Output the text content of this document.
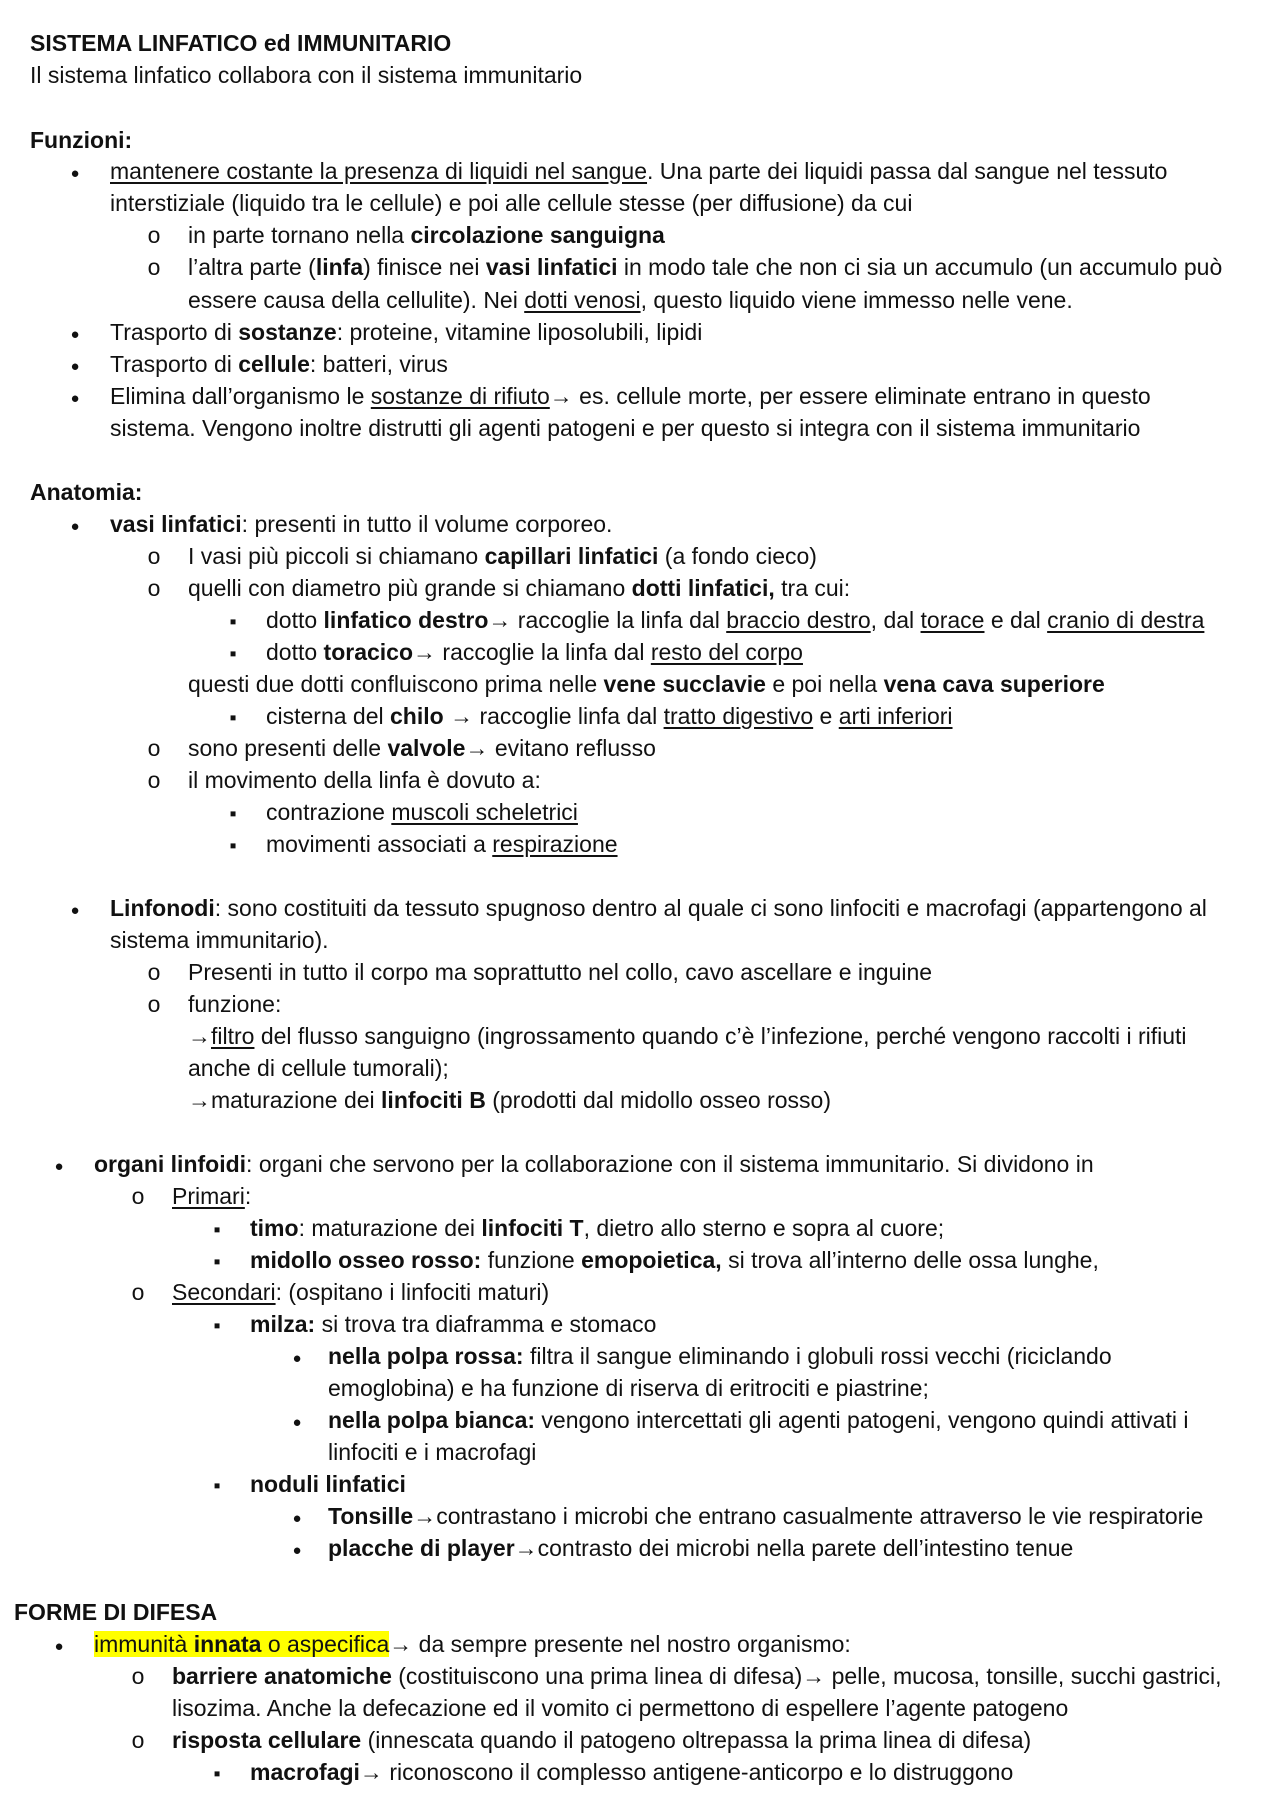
SISTEMA LINFATICO ed IMMUNITARIO
Il sistema linfatico collabora con il sistema immunitario
Funzioni:
●
mantenere costante la presenza di liquidi nel sangue. Una parte dei liquidi passa dal sangue nel tessuto
interstiziale (liquido tra le cellule) e poi alle cellule stesse (per diffusione) da cui
o
in parte tornano nella circolazione sanguigna
o
l’altra parte (linfa) finisce nei vasi linfatici in modo tale che non ci sia un accumulo (un accumulo può
essere causa della cellulite). Nei dotti venosi, questo liquido viene immesso nelle vene.
●
Trasporto di sostanze: proteine, vitamine liposolubili, lipidi
●
Trasporto di cellule: batteri, virus
●
Elimina dall’organismo le sostanze di rifiuto→ es. cellule morte, per essere eliminate entrano in questo
sistema. Vengono inoltre distrutti gli agenti patogeni e per questo si integra con il sistema immunitario
Anatomia:
●
vasi linfatici: presenti in tutto il volume corporeo.
o
I vasi più piccoli si chiamano capillari linfatici (a fondo cieco)
o
quelli con diametro più grande si chiamano dotti linfatici, tra cui:
▪
dotto linfatico destro→ raccoglie la linfa dal braccio destro, dal torace e dal cranio di destra
▪
dotto toracico→ raccoglie la linfa dal resto del corpo
questi due dotti confluiscono prima nelle vene succlavie e poi nella vena cava superiore
▪
cisterna del chilo → raccoglie linfa dal tratto digestivo e arti inferiori
o
sono presenti delle valvole→ evitano reflusso
o
il movimento della linfa è dovuto a:
▪
contrazione muscoli scheletrici
▪
movimenti associati a respirazione
●
Linfonodi: sono costituiti da tessuto spugnoso dentro al quale ci sono linfociti e macrofagi (appartengono al
sistema immunitario).
o
Presenti in tutto il corpo ma soprattutto nel collo, cavo ascellare e inguine
o
funzione:
→filtro del flusso sanguigno (ingrossamento quando c’è l’infezione, perché vengono raccolti i rifiuti
anche di cellule tumorali);
→maturazione dei linfociti B (prodotti dal midollo osseo rosso)
●
organi linfoidi: organi che servono per la collaborazione con il sistema immunitario. Si dividono in
o
Primari:
▪
timo: maturazione dei linfociti T, dietro allo sterno e sopra al cuore;
▪
midollo osseo rosso: funzione emopoietica, si trova all’interno delle ossa lunghe,
o
Secondari: (ospitano i linfociti maturi)
▪
milza: si trova tra diaframma e stomaco
●
nella polpa rossa: filtra il sangue eliminando i globuli rossi vecchi (riciclando
emoglobina) e ha funzione di riserva di eritrociti e piastrine;
●
nella polpa bianca: vengono intercettati gli agenti patogeni, vengono quindi attivati i
linfociti e i macrofagi
▪
noduli linfatici
●
Tonsille→contrastano i microbi che entrano casualmente attraverso le vie respiratorie
●
placche di player→contrasto dei microbi nella parete dell’intestino tenue
FORME DI DIFESA
●
immunità innata o aspecifica→ da sempre presente nel nostro organismo:
o
barriere anatomiche (costituiscono una prima linea di difesa)→ pelle, mucosa, tonsille, succhi gastrici,
lisozima. Anche la defecazione ed il vomito ci permettono di espellere l’agente patogeno
o
risposta cellulare (innescata quando il patogeno oltrepassa la prima linea di difesa)
▪
macrofagi→ riconoscono il complesso antigene-anticorpo e lo distruggono
